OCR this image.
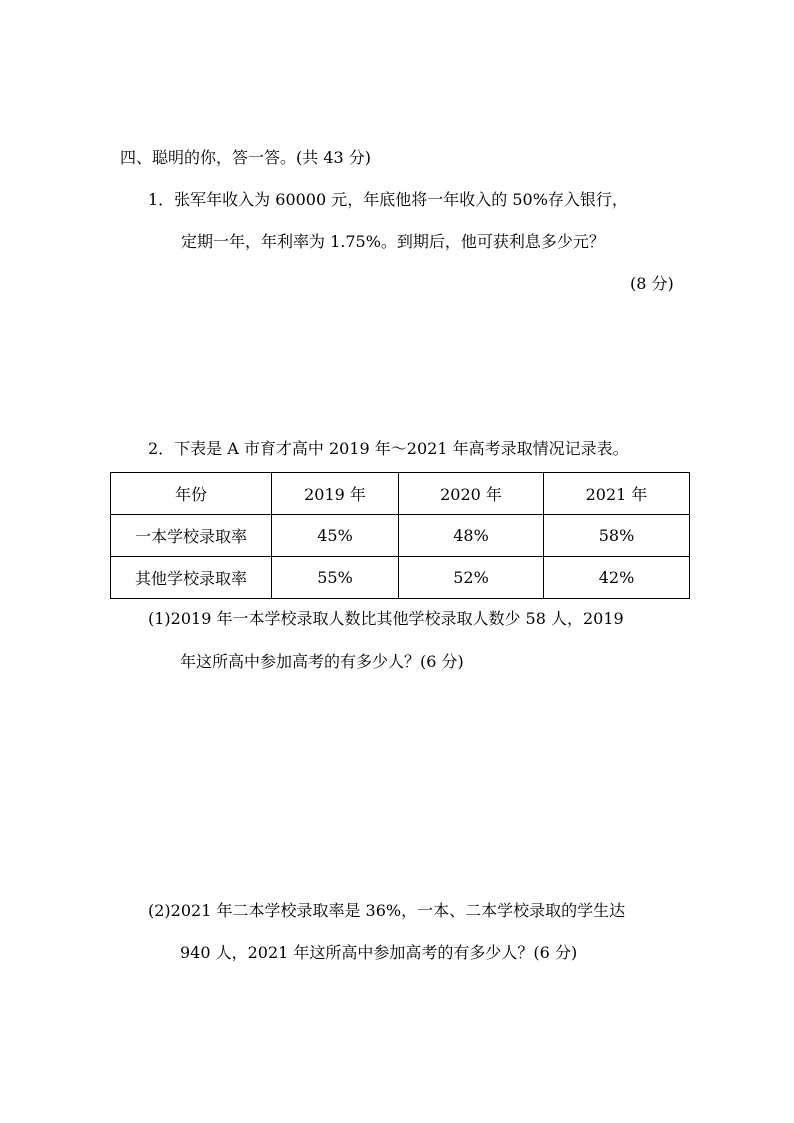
四、聪明的你，答一答。(共 43 分)
1．张军年收入为 60000 元，年底他将一年收入的 50%存入银行，
定期一年，年利率为 1.75%。到期后，他可获利息多少元？
(8 分)
2．下表是 A 市育才高中 2019 年～2021 年高考录取情况记录表。
年份	2019 年	2020 年	2021 年
一本学校录取率	45%	48%	58%
其他学校录取率	55%	52%	42%
(1)2019 年一本学校录取人数比其他学校录取人数少 58 人，2019
年这所高中参加高考的有多少人？(6 分)
(2)2021 年二本学校录取率是 36%，一本、二本学校录取的学生达
940 人，2021 年这所高中参加高考的有多少人？(6 分)
